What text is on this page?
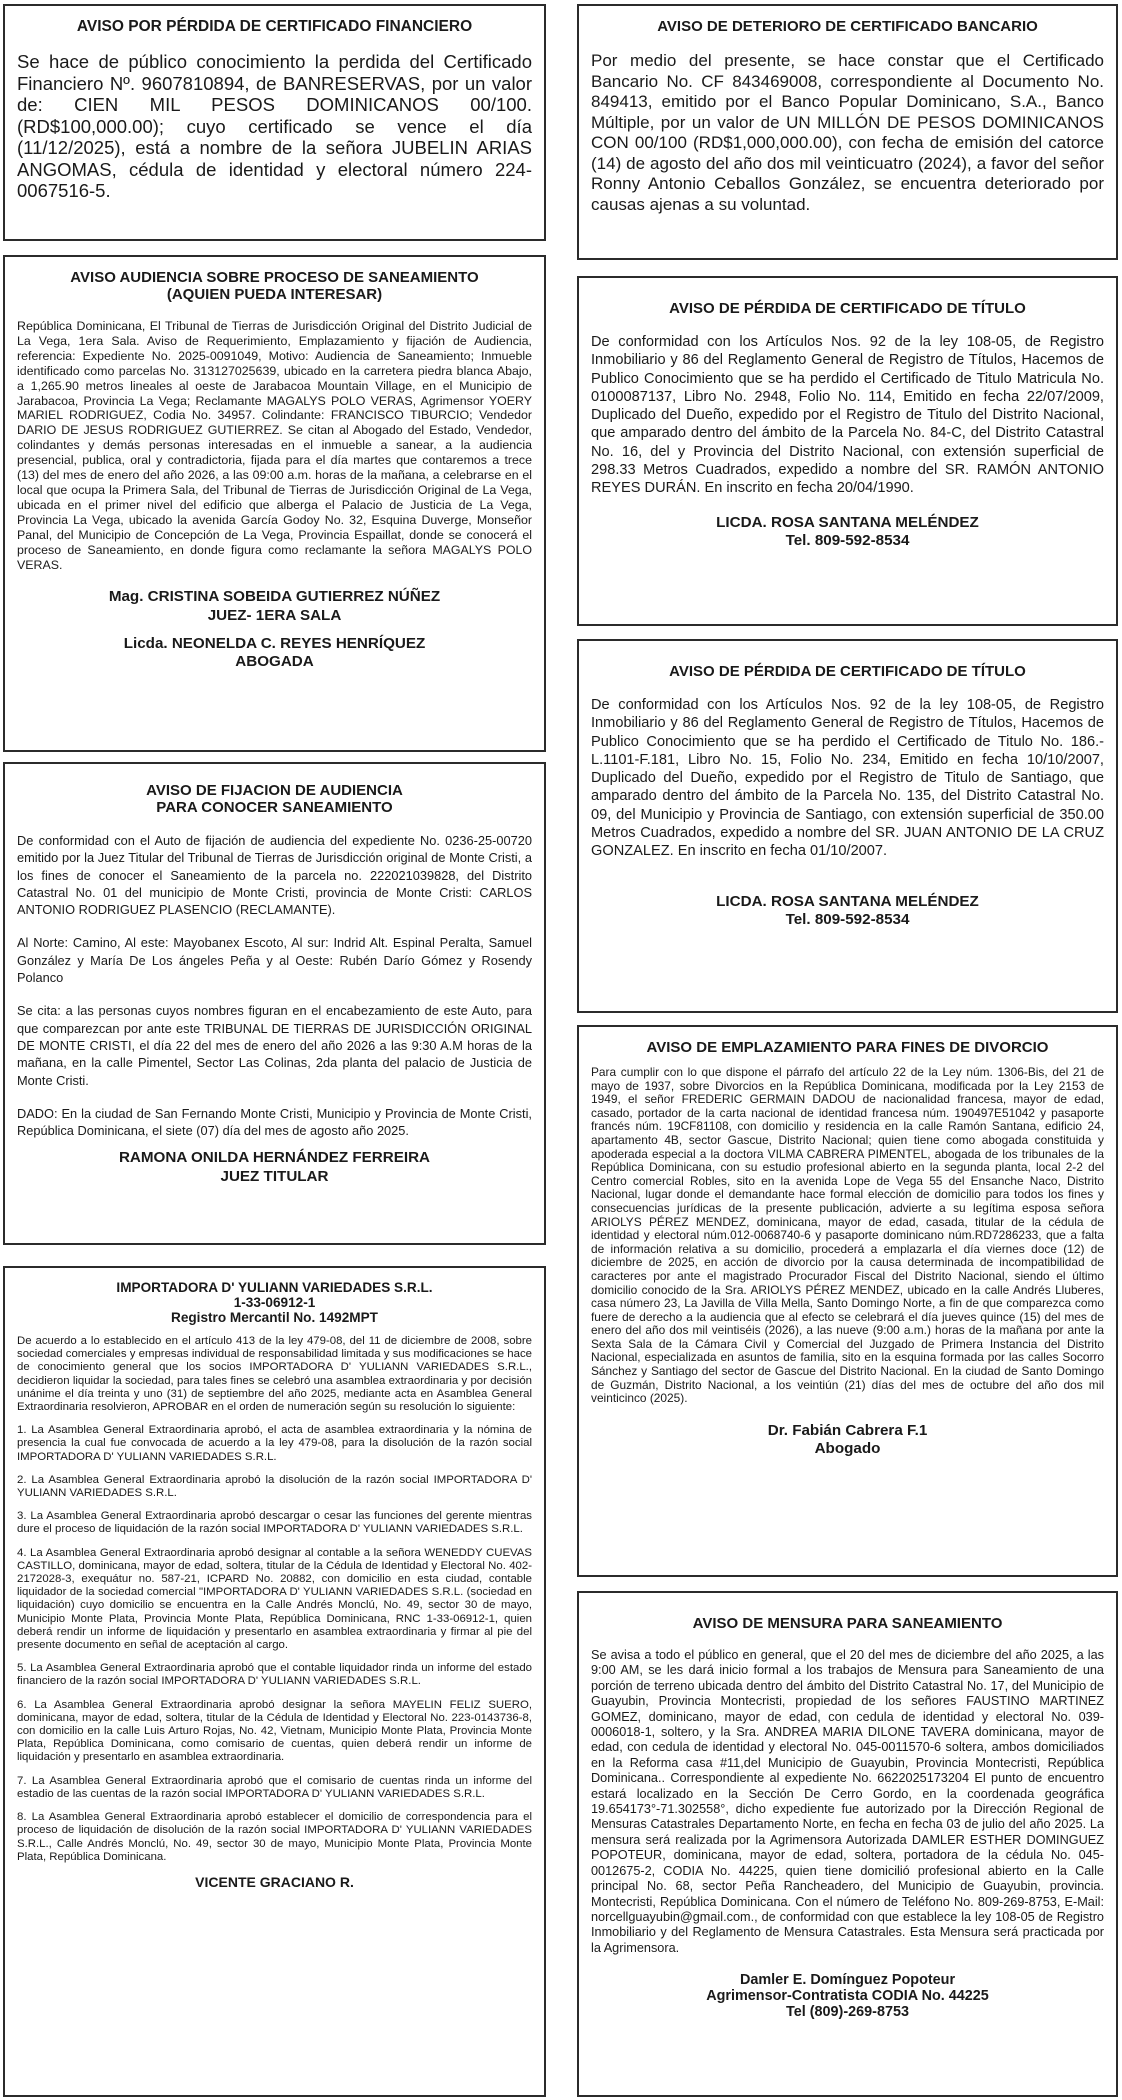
AVISO POR PÉRDIDA DE CERTIFICADO FINANCIERO

Se hace de público conocimiento la perdida del Certificado Financiero Nº. 9607810894, de BANRESERVAS, por un valor de: CIEN MIL PESOS DOMINICANOS 00/100. (RD$100,000.00); cuyo certificado se vence el día (11/12/2025), está a nombre de la señora JUBELIN ARIAS ANGOMAS, cédula de identidad y electoral número 224-0067516-5.

AVISO AUDIENCIA SOBRE PROCESO DE SANEAMIENTO
(AQUIEN PUEDA INTERESAR)

República Dominicana, El Tribunal de Tierras de Jurisdicción Original del Distrito Judicial de La Vega, 1era Sala. Aviso de Requerimiento, Emplazamiento y fijación de Audiencia, referencia: Expediente No. 2025-0091049, Motivo: Audiencia de Saneamiento; Inmueble identificado como parcelas No. 313127025639, ubicado en la carretera piedra blanca Abajo, a 1,265.90 metros lineales al oeste de Jarabacoa Mountain Village, en el Municipio de Jarabacoa, Provincia La Vega; Reclamante MAGALYS POLO VERAS, Agrimensor YOERY MARIEL RODRIGUEZ, Codia No. 34957. Colindante: FRANCISCO TIBURCIO; Vendedor DARIO DE JESUS RODRIGUEZ GUTIERREZ. Se citan al Abogado del Estado, Vendedor, colindantes y demás personas interesadas en el inmueble a sanear, a la audiencia presencial, publica, oral y contradictoria, fijada para el día martes que contaremos a trece (13) del mes de enero del año 2026, a las 09:00 a.m. horas de la mañana, a celebrarse en el local que ocupa la Primera Sala, del Tribunal de Tierras de Jurisdicción Original de La Vega, ubicada en el primer nivel del edificio que alberga el Palacio de Justicia de La Vega, Provincia La Vega, ubicado la avenida García Godoy No. 32, Esquina Duverge, Monseñor Panal, del Municipio de Concepción de La Vega, Provincia Espaillat, donde se conocerá el proceso de Saneamiento, en donde figura como reclamante la señora MAGALYS POLO VERAS.

Mag. CRISTINA SOBEIDA GUTIERREZ NÚÑEZ

JUEZ- 1ERA SALA

Licda. NEONELDA C. REYES HENRÍQUEZ

ABOGADA

AVISO DE FIJACION DE AUDIENCIA
PARA CONOCER SANEAMIENTO

De conformidad con el Auto de fijación de audiencia del expediente No. 0236-25-00720 emitido por la Juez Titular del Tribunal de Tierras de Jurisdicción original de Monte Cristi, a los fines de conocer el Saneamiento de la parcela no. 222021039828, del Distrito Catastral No. 01 del municipio de Monte Cristi, provincia de Monte Cristi: CARLOS ANTONIO RODRIGUEZ PLASENCIO (RECLAMANTE).

Al Norte: Camino, Al este: Mayobanex Escoto, Al sur: Indrid Alt. Espinal Peralta, Samuel González y María De Los ángeles Peña y al Oeste: Rubén Darío Gómez y Rosendy Polanco

Se cita: a las personas cuyos nombres figuran en el encabezamiento de este Auto, para que comparezcan por ante este TRIBUNAL DE TIERRAS DE JURISDICCIÓN ORIGINAL DE MONTE CRISTI, el día 22 del mes de enero del año 2026 a las 9:30 A.M horas de la mañana, en la calle Pimentel, Sector Las Colinas, 2da planta del palacio de Justicia de Monte Cristi.

DADO: En la ciudad de San Fernando Monte Cristi, Municipio y Provincia de Monte Cristi, República Dominicana, el siete (07) día del mes de agosto año 2025.

RAMONA ONILDA HERNÁNDEZ FERREIRA

JUEZ TITULAR

IMPORTADORA D' YULIANN VARIEDADES S.R.L.
1-33-06912-1
Registro Mercantil No. 1492MPT

De acuerdo a lo establecido en el artículo 413 de la ley 479-08, del 11 de diciembre de 2008, sobre sociedad comerciales y empresas individual de responsabilidad limitada y sus modificaciones se hace de conocimiento general que los socios IMPORTADORA D' YULIANN VARIEDADES S.R.L., decidieron liquidar la sociedad, para tales fines se celebró una asamblea extraordinaria y por decisión unánime el día treinta y uno (31) de septiembre del año 2025, mediante acta en Asamblea General Extraordinaria resolvieron, APROBAR en el orden de numeración según su resolución lo siguiente:

1. La Asamblea General Extraordinaria aprobó, el acta de asamblea extraordinaria y la nómina de presencia la cual fue convocada de acuerdo a la ley 479-08, para la disolución de la razón social IMPORTADORA D' YULIANN VARIEDADES S.R.L.

2. La Asamblea General Extraordinaria aprobó la disolución de la razón social IMPORTADORA D' YULIANN VARIEDADES S.R.L.

3. La Asamblea General Extraordinaria aprobó descargar o cesar las funciones del gerente mientras dure el proceso de liquidación de la razón social IMPORTADORA D' YULIANN VARIEDADES S.R.L.

4. La Asamblea General Extraordinaria aprobó designar al contable a la señora WENEDDY CUEVAS CASTILLO, dominicana, mayor de edad, soltera, titular de la Cédula de Identidad y Electoral No. 402-2172028-3, exequátur no. 587-21, ICPARD No. 20882, con domicilio en esta ciudad, contable liquidador de la sociedad comercial "IMPORTADORA D' YULIANN VARIEDADES S.R.L. (sociedad en liquidación) cuyo domicilio se encuentra en la Calle Andrés Monclú, No. 49, sector 30 de mayo, Municipio Monte Plata, Provincia Monte Plata, República Dominicana, RNC 1-33-06912-1, quien deberá rendir un informe de liquidación y presentarlo en asamblea extraordinaria y firmar al pie del presente documento en señal de aceptación al cargo.

5. La Asamblea General Extraordinaria aprobó que el contable liquidador rinda un informe del estado financiero de la razón social IMPORTADORA D' YULIANN VARIEDADES S.R.L.

6. La Asamblea General Extraordinaria aprobó designar la señora MAYELIN FELIZ SUERO, dominicana, mayor de edad, soltera, titular de la Cédula de Identidad y Electoral No. 223-0143736-8, con domicilio en la calle Luis Arturo Rojas, No. 42, Vietnam, Municipio Monte Plata, Provincia Monte Plata, República Dominicana, como comisario de cuentas, quien deberá rendir un informe de liquidación y presentarlo en asamblea extraordinaria.

7. La Asamblea General Extraordinaria aprobó que el comisario de cuentas rinda un informe del estadio de las cuentas de la razón social IMPORTADORA D' YULIANN VARIEDADES S.R.L.

8. La Asamblea General Extraordinaria aprobó establecer el domicilio de correspondencia para el proceso de liquidación de disolución de la razón social IMPORTADORA D' YULIANN VARIEDADES S.R.L., Calle Andrés Monclú, No. 49, sector 30 de mayo, Municipio Monte Plata, Provincia Monte Plata, República Dominicana.

VICENTE GRACIANO R.

AVISO DE DETERIORO DE CERTIFICADO BANCARIO

Por medio del presente, se hace constar que el Certificado Bancario No. CF 843469008, correspondiente al Documento No. 849413, emitido por el Banco Popular Dominicano, S.A., Banco Múltiple, por un valor de UN MILLÓN DE PESOS DOMINICANOS CON 00/100 (RD$1,000,000.00), con fecha de emisión del catorce (14) de agosto del año dos mil veinticuatro (2024), a favor del señor Ronny Antonio Ceballos González, se encuentra deteriorado por causas ajenas a su voluntad.

AVISO DE PÉRDIDA DE CERTIFICADO DE TÍTULO

De conformidad con los Artículos Nos. 92 de la ley 108-05, de Registro Inmobiliario y 86 del Reglamento General de Registro de Títulos, Hacemos de Publico Conocimiento que se ha perdido el Certificado de Titulo Matricula No. 0100087137, Libro No. 2948, Folio No. 114, Emitido en fecha 22/07/2009, Duplicado del Dueño, expedido por el Registro de Titulo del Distrito Nacional, que amparado dentro del ámbito de la Parcela No. 84-C, del Distrito Catastral No. 16, del y Provincia del Distrito Nacional, con extensión superficial de 298.33 Metros Cuadrados, expedido a nombre del SR. RAMÓN ANTONIO REYES DURÁN. En inscrito en fecha 20/04/1990.

LICDA. ROSA SANTANA MELÉNDEZ

Tel. 809-592-8534

AVISO DE PÉRDIDA DE CERTIFICADO DE TÍTULO

De conformidad con los Artículos Nos. 92 de la ley 108-05, de Registro Inmobiliario y 86 del Reglamento General de Registro de Títulos, Hacemos de Publico Conocimiento que se ha perdido el Certificado de Titulo No. 186.-L.1101-F.181, Libro No. 15, Folio No. 234, Emitido en fecha 10/10/2007, Duplicado del Dueño, expedido por el Registro de Titulo de Santiago, que amparado dentro del ámbito de la Parcela No. 135, del Distrito Catastral No. 09, del Municipio y Provincia de Santiago, con extensión superficial de 350.00 Metros Cuadrados, expedido a nombre del SR. JUAN ANTONIO DE LA CRUZ GONZALEZ. En inscrito en fecha 01/10/2007.

LICDA. ROSA SANTANA MELÉNDEZ

Tel. 809-592-8534

AVISO DE EMPLAZAMIENTO PARA FINES DE DIVORCIO

Para cumplir con lo que dispone el párrafo del artículo 22 de la Ley núm. 1306-Bis, del 21 de mayo de 1937, sobre Divorcios en la República Dominicana, modificada por la Ley 2153 de 1949, el señor FREDERIC GERMAIN DADOU de nacionalidad francesa, mayor de edad, casado, portador de la carta nacional de identidad francesa núm. 190497E51042 y pasaporte francés núm. 19CF81108, con domicilio y residencia en la calle Ramón Santana, edificio 24, apartamento 4B, sector Gascue, Distrito Nacional; quien tiene como abogada constituida y apoderada especial a la doctora VILMA CABRERA PIMENTEL, abogada de los tribunales de la República Dominicana, con su estudio profesional abierto en la segunda planta, local 2-2 del Centro comercial Robles, sito en la avenida Lope de Vega 55 del Ensanche Naco, Distrito Nacional, lugar donde el demandante hace formal elección de domicilio para todos los fines y consecuencias jurídicas de la presente publicación, advierte a su legítima esposa señora ARIOLYS PÉREZ MENDEZ, dominicana, mayor de edad, casada, titular de la cédula de identidad y electoral núm.012-0068740-6 y pasaporte dominicano núm.RD7286233, que a falta de información relativa a su domicilio, procederá a emplazarla el día viernes doce (12) de diciembre de 2025, en acción de divorcio por la causa determinada de incompatibilidad de caracteres por ante el magistrado Procurador Fiscal del Distrito Nacional, siendo el último domicilio conocido de la Sra. ARIOLYS PÉREZ MENDEZ, ubicado en la calle Andrés Lluberes, casa número 23, La Javilla de Villa Mella, Santo Domingo Norte, a fin de que comparezca como fuere de derecho a la audiencia que al efecto se celebrará el día jueves quince (15) del mes de enero del año dos mil veintiséis (2026), a las nueve (9:00 a.m.) horas de la mañana por ante la Sexta Sala de la Cámara Civil y Comercial del Juzgado de Primera Instancia del Distrito Nacional, especializada en asuntos de familia, sito en la esquina formada por las calles Socorro Sánchez y Santiago del sector de Gascue del Distrito Nacional. En la ciudad de Santo Domingo de Guzmán, Distrito Nacional, a los veintiún (21) días del mes de octubre del año dos mil veinticinco (2025).

Dr. Fabián Cabrera F.1

Abogado

AVISO DE MENSURA PARA SANEAMIENTO

Se avisa a todo el público en general, que el 20 del mes de diciembre del año 2025, a las 9:00 AM, se les dará inicio formal a los trabajos de Mensura para Saneamiento de una porción de terreno ubicada dentro del ámbito del Distrito Catastral No. 17, del Municipio de Guayubin, Provincia Montecristi, propiedad de los señores FAUSTINO MARTINEZ GOMEZ, dominicano, mayor de edad, con cedula de identidad y electoral No. 039-0006018-1, soltero, y la Sra. ANDREA MARIA DILONE TAVERA dominicana, mayor de edad, con cedula de identidad y electoral No. 045-0011570-6 soltera, ambos domiciliados en la Reforma casa #11,del Municipio de Guayubin, Provincia Montecristi, República Dominicana.. Correspondiente al expediente No. 6622025173204 El punto de encuentro estará localizado en la Sección De Cerro Gordo, en la coordenada geográfica 19.654173°-71.302558°, dicho expediente fue autorizado por la Dirección Regional de Mensuras Catastrales Departamento Norte, en fecha en fecha 03 de julio del año 2025. La mensura será realizada por la Agrimensora Autorizada DAMLER ESTHER DOMINGUEZ POPOTEUR, dominicana, mayor de edad, soltera, portadora de la cédula No. 045-0012675-2, CODIA No. 44225, quien tiene domicilió profesional abierto en la Calle principal No. 68, sector Peña Rancheadero, del Municipio de Guayubin, provincia. Montecristi, República Dominicana. Con el número de Teléfono No. 809-269-8753, E-Mail: norcellguayubin@gmail.com., de conformidad con que establece la ley 108-05 de Registro Inmobiliario y del Reglamento de Mensura Catastrales. Esta Mensura será practicada por la Agrimensora.

Damler E. Domínguez Popoteur

Agrimensor-Contratista CODIA No. 44225

Tel (809)-269-8753
